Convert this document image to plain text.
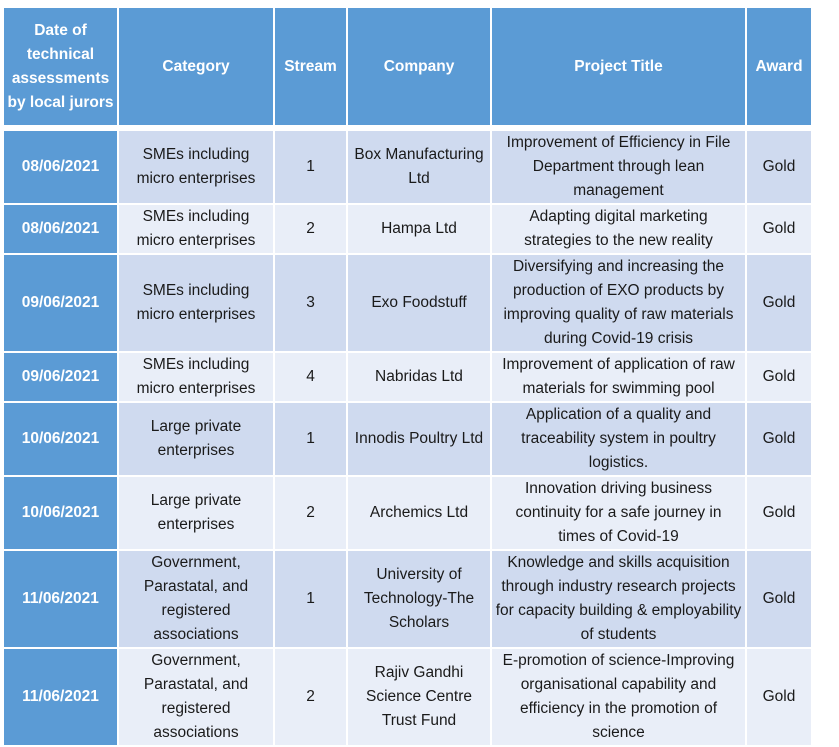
Date of technical assessments by local jurors	Category	Stream	Company	Project Title	Award

08/06/2021	SMEs including micro enterprises	1	Box Manufacturing Ltd	Improvement of Efficiency in File Department through lean management	Gold
08/06/2021	SMEs including micro enterprises	2	Hampa Ltd	Adapting digital marketing strategies to the new reality	Gold
09/06/2021	SMEs including micro enterprises	3	Exo Foodstuff	Diversifying and increasing the production of EXO products by improving quality of raw materials during Covid-19 crisis	Gold
09/06/2021	SMEs including micro enterprises	4	Nabridas Ltd	Improvement of application of raw materials for swimming pool	Gold
10/06/2021	Large private enterprises	1	Innodis Poultry Ltd	Application of a quality and traceability system in poultry logistics.	Gold
10/06/2021	Large private enterprises	2	Archemics Ltd	Innovation driving business continuity for a safe journey in times of Covid-19	Gold
11/06/2021	Government, Parastatal, and registered associations	1	University of Technology-The Scholars	Knowledge and skills acquisition through industry research projects for capacity building & employability of students	Gold
11/06/2021	Government, Parastatal, and registered associations	2	Rajiv Gandhi Science Centre Trust Fund	E-promotion of science-Improving organisational capability and efficiency in the promotion of science	Gold
